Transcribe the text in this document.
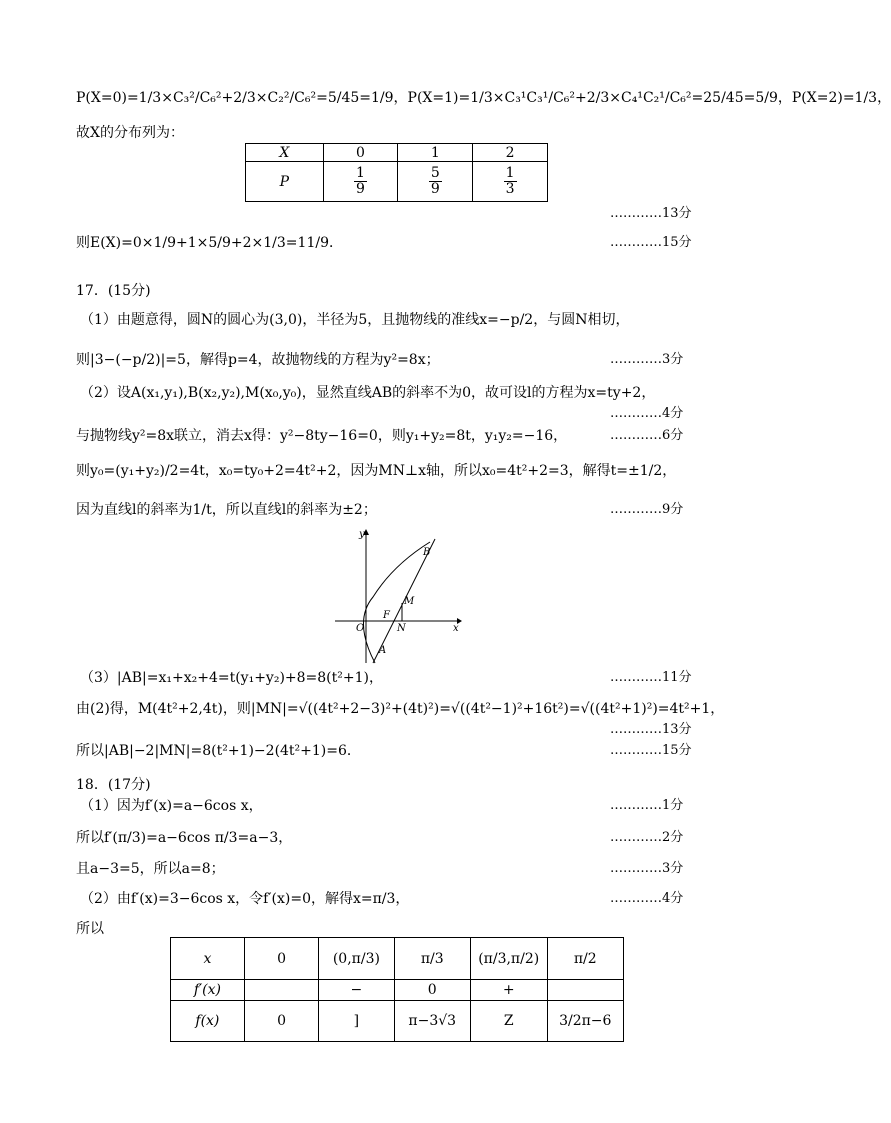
P(X=0)=1/3×C₃²/C₆²+2/3×C₂²/C₆²=5/45=1/9，P(X=1)=1/3×C₃¹C₃¹/C₆²+2/3×C₄¹C₂¹/C₆²=25/45=5/9，P(X=2)=1/3，
故X的分布列为：
X	0	1	2
P	$\frac{1}{9}$	$\frac{5}{9}$	$\frac{1}{3}$
…………13分
则E(X)=0×1/9+1×5/9+2×1/3=11/9．	…………15分
17．(15分)
（1）由题意得，圆N的圆心为(3,0)，半径为5，且抛物线的准线x=−p/2，与圆N相切，
则|3−(−p/2)|=5，解得p=4，故抛物线的方程为y²=8x；	…………3分
（2）设A(x₁,y₁),B(x₂,y₂),M(x₀,y₀)，显然直线AB的斜率不为0，故可设l的方程为x=ty+2，
…………4分
与抛物线y²=8x联立，消去x得：y²−8ty−16=0，则y₁+y₂=8t，y₁y₂=−16，	…………6分
则y₀=(y₁+y₂)/2=4t，x₀=ty₀+2=4t²+2，因为MN⊥x轴，所以x₀=4t²+2=3，解得t=±1/2，
因为直线l的斜率为1/t，所以直线l的斜率为±2；	…………9分
y
x
O
F
N
M
A
B
（3）|AB|=x₁+x₂+4=t(y₁+y₂)+8=8(t²+1)，	…………11分
由(2)得，M(4t²+2,4t)，则|MN|=√((4t²+2−3)²+(4t)²)=√((4t²−1)²+16t²)=√((4t²+1)²)=4t²+1，
…………13分
所以|AB|−2|MN|=8(t²+1)−2(4t²+1)=6．	…………15分
18．(17分)
（1）因为f′(x)=a−6cos x，	…………1分
所以f′(π/3)=a−6cos π/3=a−3，	…………2分
且a−3=5，所以a=8；	…………3分
（2）由f′(x)=3−6cos x，令f′(x)=0，解得x=π/3，	…………4分
所以
x	0	(0,π/3)	π/3	(π/3,π/2)	π/2
f′(x)		−	0	+	
f(x)	0	]	π−3√3	Z	3/2π−6
